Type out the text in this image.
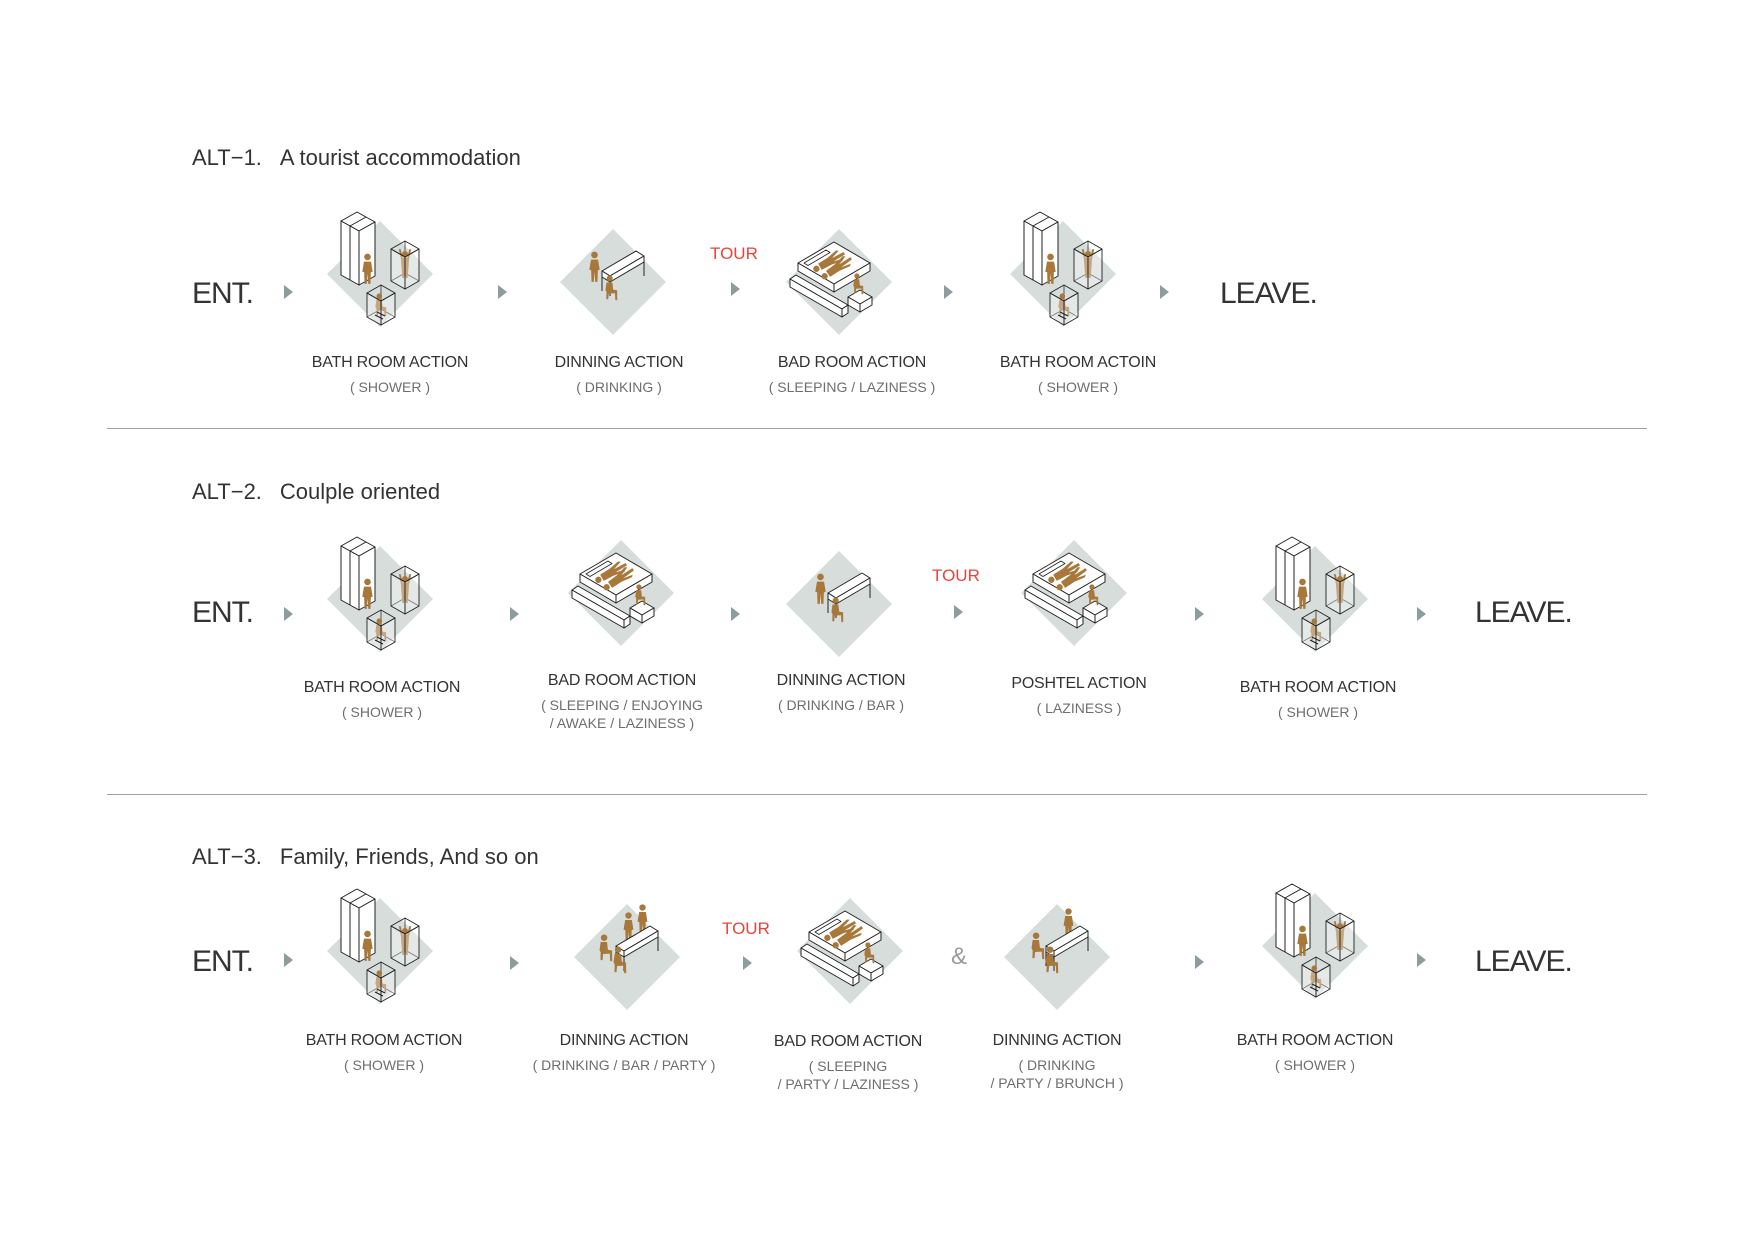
ALT−1. A tourist accommodation
ENT.
BATH ROOM ACTION
( SHOWER )
DINNING ACTION
( DRINKING )
TOUR
BAD ROOM ACTION
( SLEEPING / LAZINESS )
BATH ROOM ACTOIN
( SHOWER )
LEAVE.
ALT−2. Coulple oriented
ENT.
BATH ROOM ACTION
( SHOWER )
BAD ROOM ACTION
( SLEEPING / ENJOYING
/ AWAKE / LAZINESS )
DINNING ACTION
( DRINKING / BAR )
TOUR
POSHTEL ACTION
( LAZINESS )
BATH ROOM ACTION
( SHOWER )
LEAVE.
ALT−3. Family, Friends, And so on
ENT.
BATH ROOM ACTION
( SHOWER )
DINNING ACTION
( DRINKING / BAR / PARTY )
TOUR
BAD ROOM ACTION
( SLEEPING
/ PARTY / LAZINESS )
&
DINNING ACTION
( DRINKING
/ PARTY / BRUNCH )
BATH ROOM ACTION
( SHOWER )
LEAVE.
